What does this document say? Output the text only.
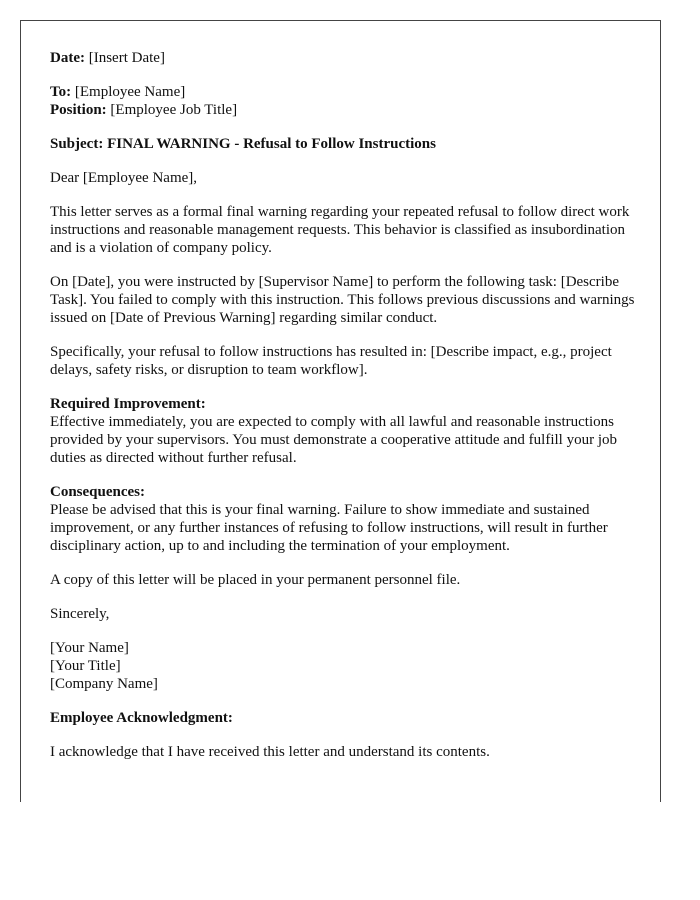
Date: [Insert Date]

To: [Employee Name]
Position: [Employee Job Title]

Subject: FINAL WARNING - Refusal to Follow Instructions

Dear [Employee Name],

This letter serves as a formal final warning regarding your repeated refusal to follow direct work instructions and reasonable management requests. This behavior is classified as insubordination and is a violation of company policy.

On [Date], you were instructed by [Supervisor Name] to perform the following task: [Describe Task]. You failed to comply with this instruction. This follows previous discussions and warnings issued on [Date of Previous Warning] regarding similar conduct.

Specifically, your refusal to follow instructions has resulted in: [Describe impact, e.g., project delays, safety risks, or disruption to team workflow].

Required Improvement:
Effective immediately, you are expected to comply with all lawful and reasonable instructions provided by your supervisors. You must demonstrate a cooperative attitude and fulfill your job duties as directed without further refusal.

Consequences:
Please be advised that this is your final warning. Failure to show immediate and sustained improvement, or any further instances of refusing to follow instructions, will result in further disciplinary action, up to and including the termination of your employment.

A copy of this letter will be placed in your permanent personnel file.

Sincerely,

[Your Name]
[Your Title]
[Company Name]

Employee Acknowledgment:

I acknowledge that I have received this letter and understand its contents.
